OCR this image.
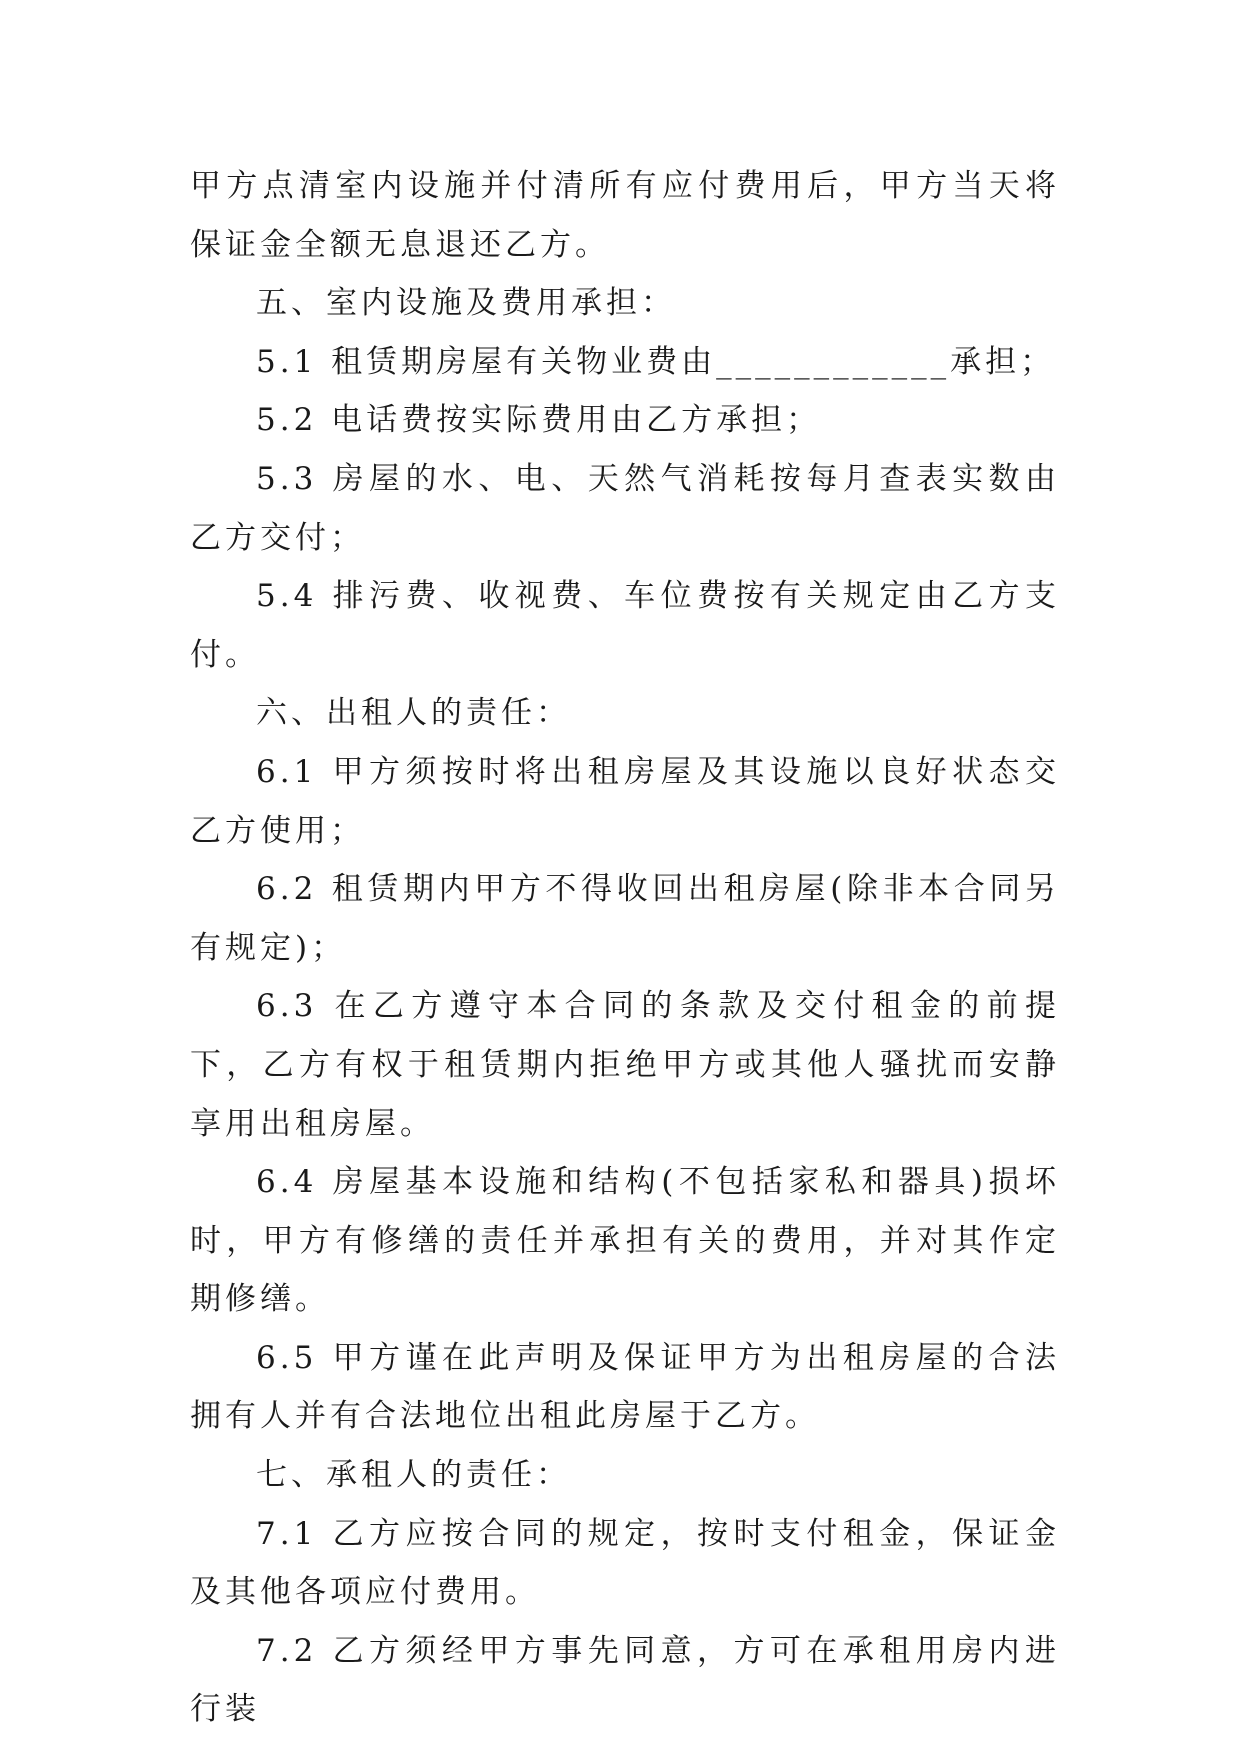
甲方点清室内设施并付清所有应付费用后，甲方当天将保证金全额无息退还乙方。

五、室内设施及费用承担：

5.1 租赁期房屋有关物业费由____________承担；

5.2 电话费按实际费用由乙方承担；

5.3 房屋的水、电、天然气消耗按每月查表实数由乙方交付；

5.4 排污费、收视费、车位费按有关规定由乙方支付。

六、出租人的责任：

6.1 甲方须按时将出租房屋及其设施以良好状态交乙方使用；

6.2 租赁期内甲方不得收回出租房屋(除非本合同另有规定)；

6.3 在乙方遵守本合同的条款及交付租金的前提下，乙方有权于租赁期内拒绝甲方或其他人骚扰而安静享用出租房屋。

6.4 房屋基本设施和结构(不包括家私和器具)损坏时，甲方有修缮的责任并承担有关的费用，并对其作定期修缮。

6.5 甲方谨在此声明及保证甲方为出租房屋的合法拥有人并有合法地位出租此房屋于乙方。

七、承租人的责任：

7.1 乙方应按合同的规定，按时支付租金，保证金及其他各项应付费用。

7.2 乙方须经甲方事先同意，方可在承租用房内进行装
